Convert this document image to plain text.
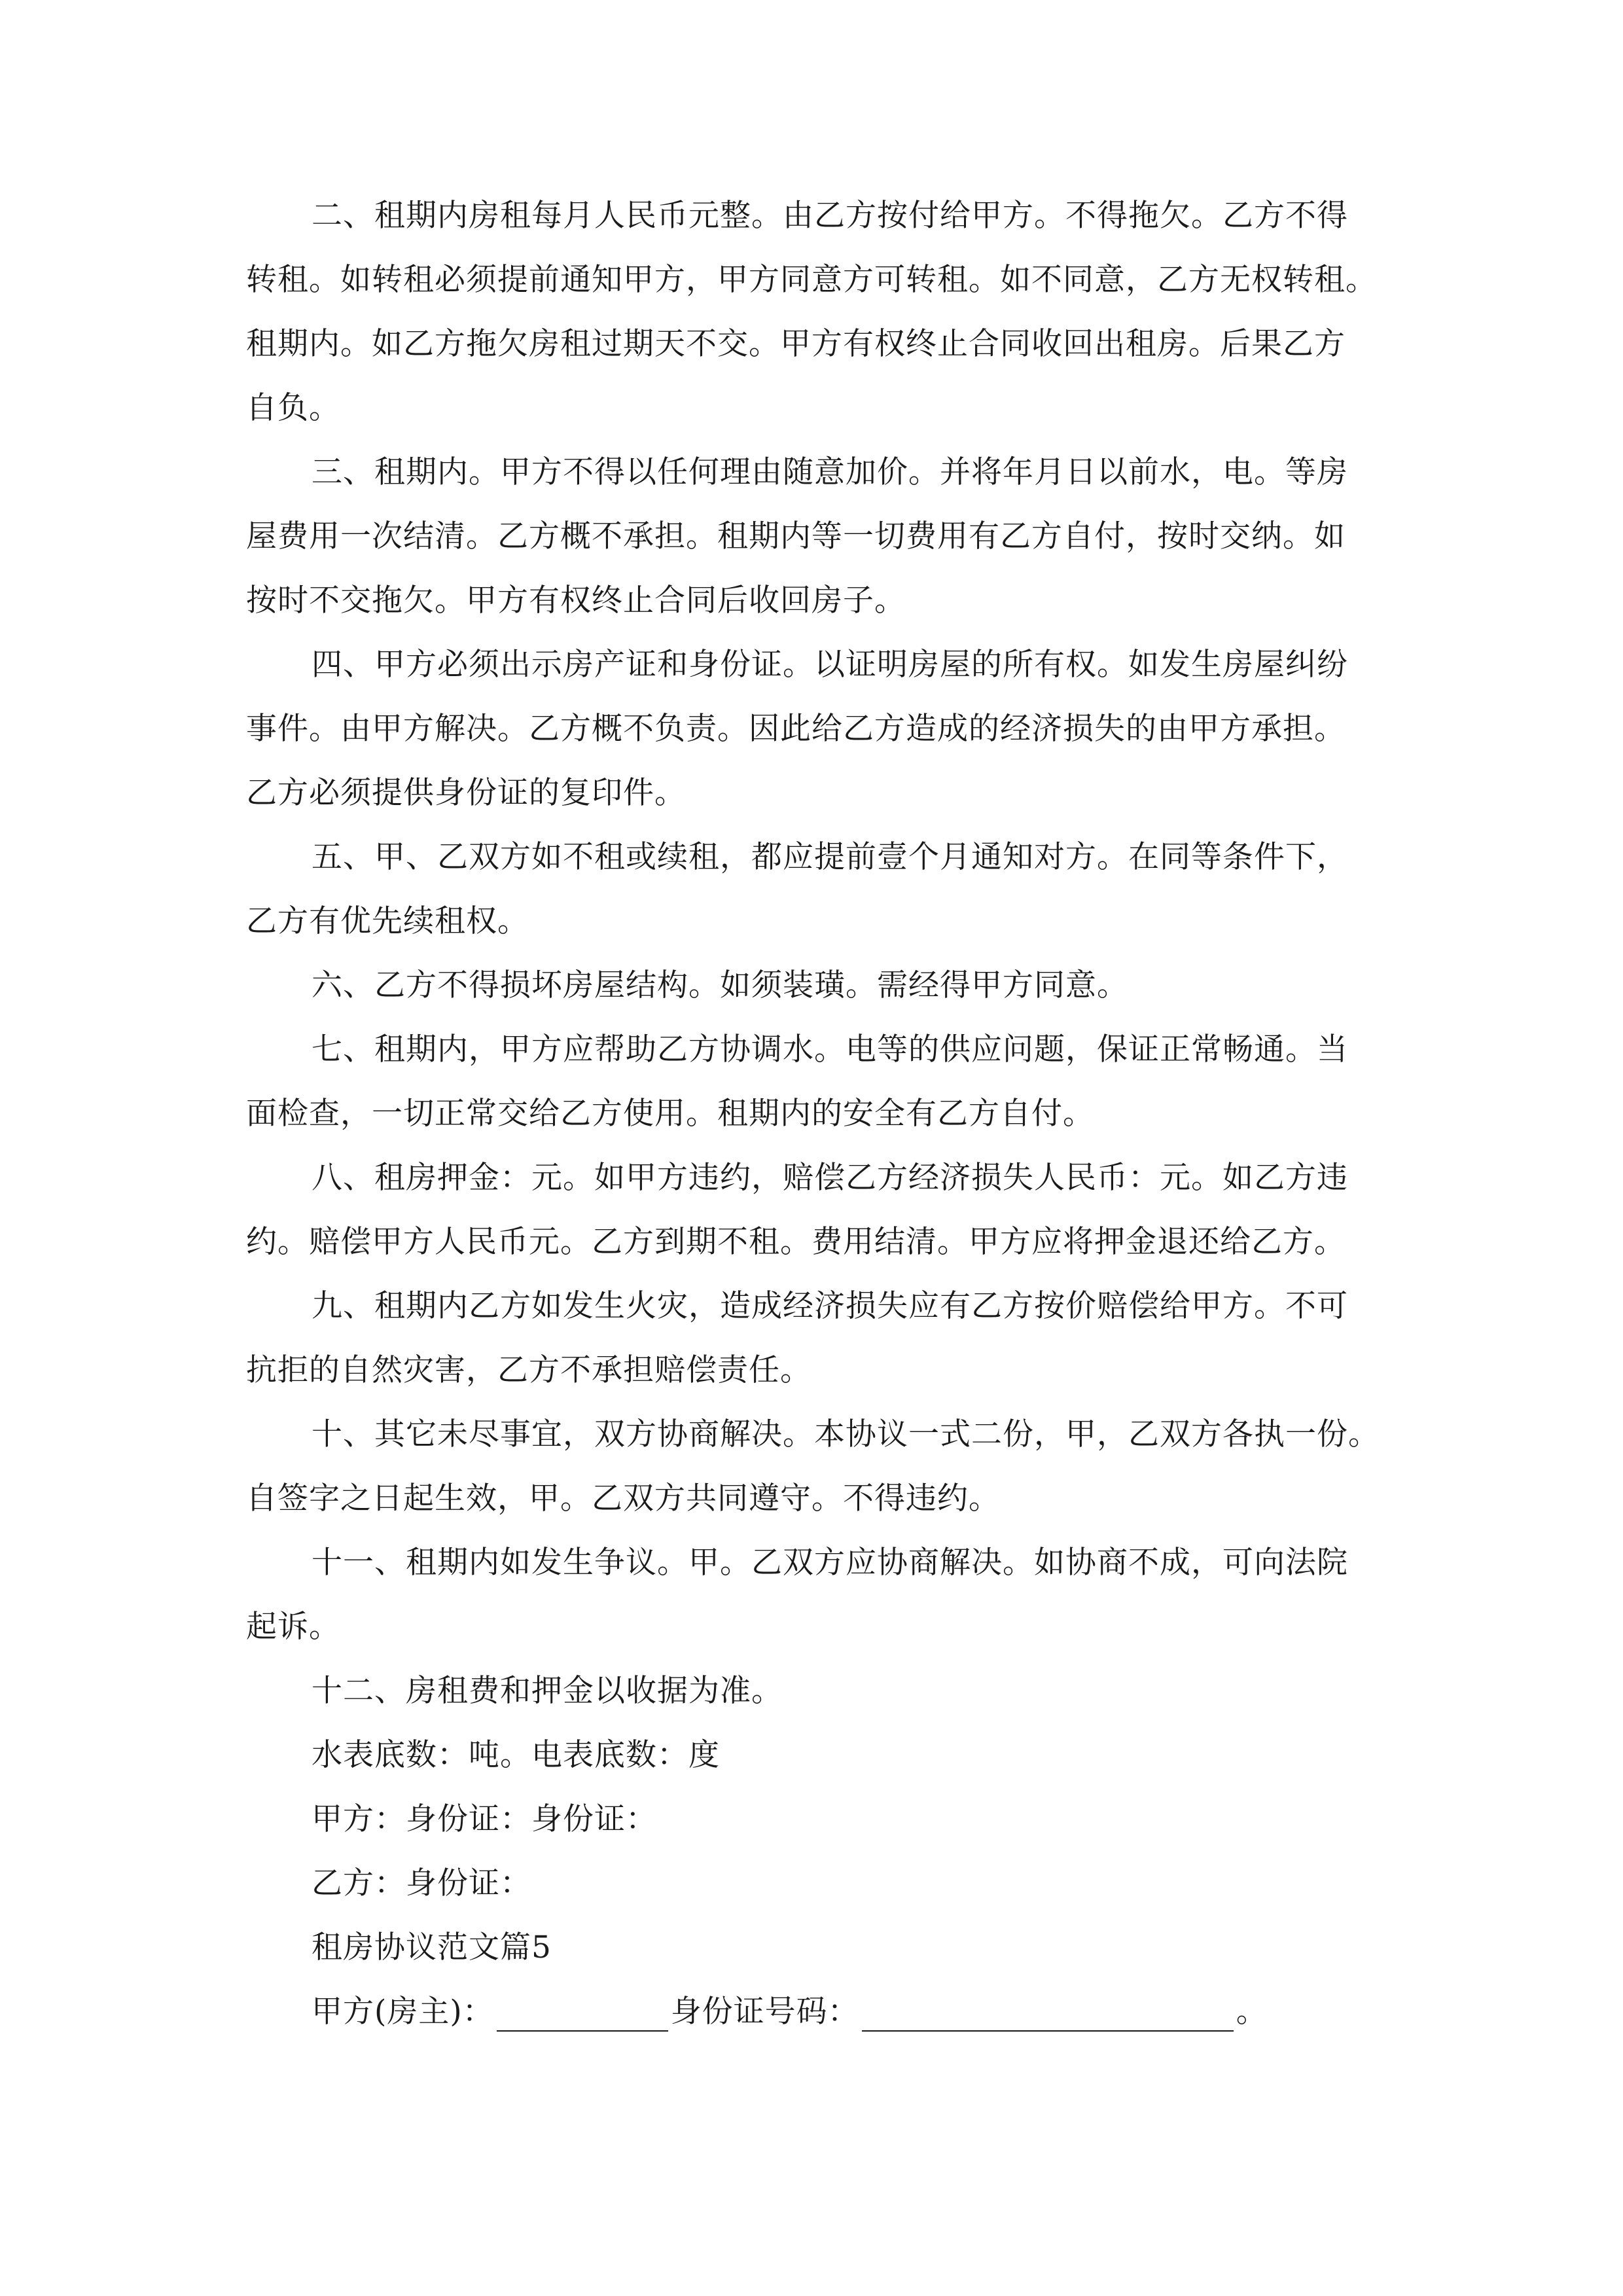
二、租期内房租每月人民币元整。由乙方按付给甲方。不得拖欠。乙方不得
转租。如转租必须提前通知甲方，甲方同意方可转租。如不同意，乙方无权转租。
租期内。如乙方拖欠房租过期天不交。甲方有权终止合同收回出租房。后果乙方
自负。
三、租期内。甲方不得以任何理由随意加价。并将年月日以前水，电。等房
屋费用一次结清。乙方概不承担。租期内等一切费用有乙方自付，按时交纳。如
按时不交拖欠。甲方有权终止合同后收回房子。
四、甲方必须出示房产证和身份证。以证明房屋的所有权。如发生房屋纠纷
事件。由甲方解决。乙方概不负责。因此给乙方造成的经济损失的由甲方承担。
乙方必须提供身份证的复印件。
五、甲、乙双方如不租或续租，都应提前壹个月通知对方。在同等条件下，
乙方有优先续租权。
六、乙方不得损坏房屋结构。如须装璜。需经得甲方同意。
七、租期内，甲方应帮助乙方协调水。电等的供应问题，保证正常畅通。当
面检查，一切正常交给乙方使用。租期内的安全有乙方自付。
八、租房押金：元。如甲方违约，赔偿乙方经济损失人民币：元。如乙方违
约。赔偿甲方人民币元。乙方到期不租。费用结清。甲方应将押金退还给乙方。
九、租期内乙方如发生火灾，造成经济损失应有乙方按价赔偿给甲方。不可
抗拒的自然灾害，乙方不承担赔偿责任。
十、其它未尽事宜，双方协商解决。本协议一式二份，甲，乙双方各执一份。
自签字之日起生效，甲。乙双方共同遵守。不得违约。
十一、租期内如发生争议。甲。乙双方应协商解决。如协商不成，可向法院
起诉。
十二、房租费和押金以收据为准。
水表底数：吨。电表底数：度
甲方：身份证：身份证：
乙方：身份证：
租房协议范文篇5
甲方(房主)：	身份证号码：	。
